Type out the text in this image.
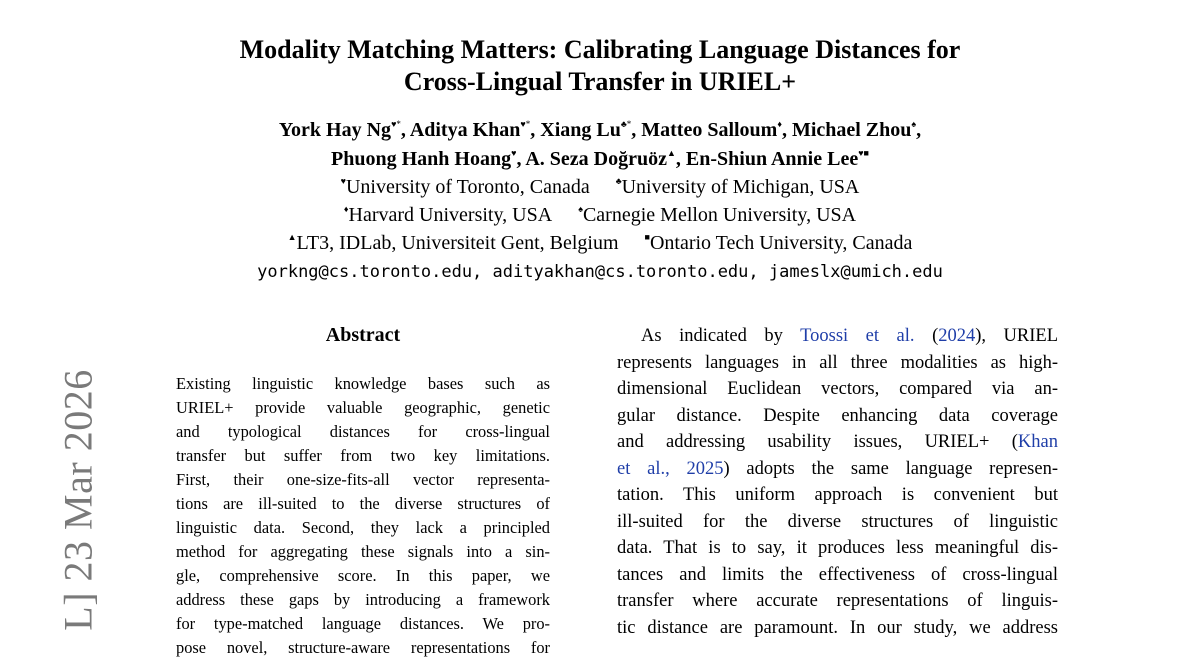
L] 23 Mar 2026
Modality Matching Matters: Calibrating Language Distances for
Cross-Lingual Transfer in URIEL+
York Hay Ng♥*, Aditya Khan♥*, Xiang Lu♣*, Matteo Salloum♦, Michael Zhou♠,
Phuong Hanh Hoang♥, A. Seza Doğruöz▲, En-Shiun Annie Lee♥■
♥University of Toronto, Canada	♣University of Michigan, USA
♦Harvard University, USA	♠Carnegie Mellon University, USA
▲LT3, IDLab, Universiteit Gent, Belgium	■Ontario Tech University, Canada
yorkng@cs.toronto.edu, adityakhan@cs.toronto.edu, jameslx@umich.edu
Abstract
Existing linguistic knowledge bases such as
URIEL+ provide valuable geographic, genetic
and typological distances for cross-lingual
transfer but suffer from two key limitations.
First, their one-size-fits-all vector representa-
tions are ill-suited to the diverse structures of
linguistic data. Second, they lack a principled
method for aggregating these signals into a sin-
gle, comprehensive score. In this paper, we
address these gaps by introducing a framework
for type-matched language distances. We pro-
pose novel, structure-aware representations for
As indicated by Toossi et al. (2024), URIEL
represents languages in all three modalities as high-
dimensional Euclidean vectors, compared via an-
gular distance. Despite enhancing data coverage
and addressing usability issues, URIEL+ (Khan
et al., 2025) adopts the same language represen-
tation. This uniform approach is convenient but
ill-suited for the diverse structures of linguistic
data. That is to say, it produces less meaningful dis-
tances and limits the effectiveness of cross-lingual
transfer where accurate representations of linguis-
tic distance are paramount. In our study, we address
